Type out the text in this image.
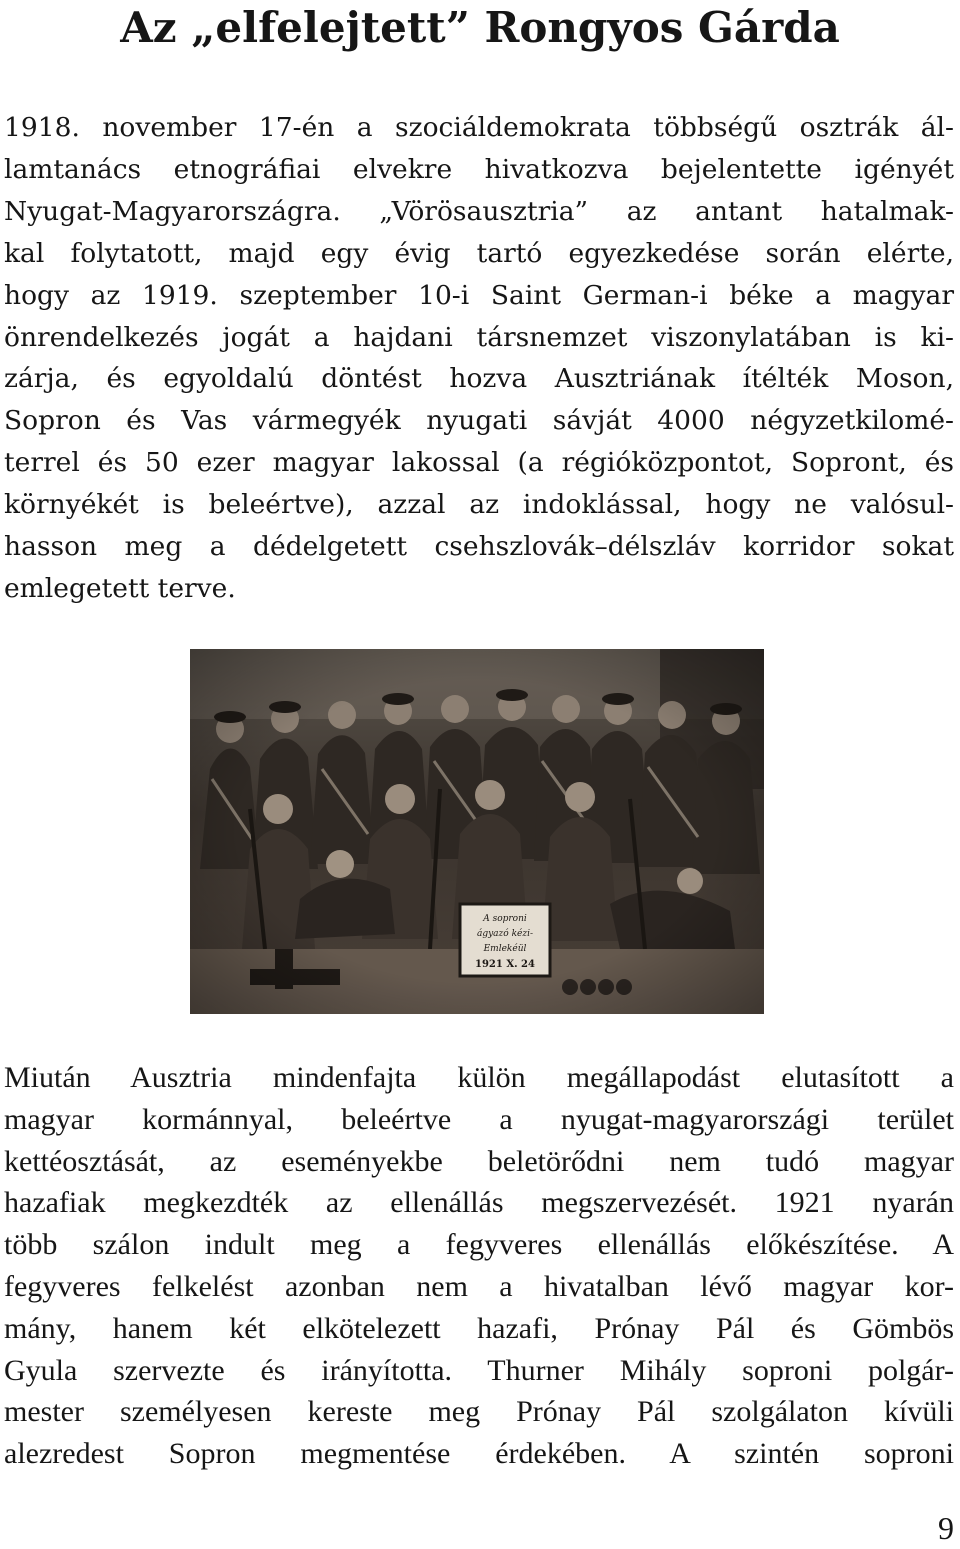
Az „elfelejtett” Rongyos Gárda

1918. november 17-én a szociáldemokrata többségű osztrák ál-
lamtanács etnográfiai elvekre hivatkozva bejelentette igényét
Nyugat-Magyarországra. „Vörösausztria” az antant hatalmak-
kal folytatott, majd egy évig tartó egyezkedése során elérte,
hogy az 1919. szeptember 10-i Saint German-i béke a magyar
önrendelkezés jogát a hajdani társnemzet viszonylatában is ki-
zárja, és egyoldalú döntést hozva Ausztriának ítélték Moson,
Sopron és Vas vármegyék nyugati sávját 4000 négyzetkilomé-
terrel és 50 ezer magyar lakossal (a régióközpontot, Sopront, és
környékét is beleértve), azzal az indoklással, hogy ne valósul-
hasson meg a dédelgetett csehszlovák–délszláv korridor sokat
emlegetett terve.

Miután Ausztria mindenfajta külön megállapodást elutasított a
magyar kormánnyal, beleértve a nyugat-magyarországi terület
kettéosztását, az eseményekbe beletörődni nem tudó magyar
hazafiak megkezdték az ellenállás megszervezését. 1921 nyarán
több szálon indult meg a fegyveres ellenállás előkészítése. A
fegyveres felkelést azonban nem a hivatalban lévő magyar kor-
mány, hanem két elkötelezett hazafi, Prónay Pál és Gömbös
Gyula szervezte és irányította. Thurner Mihály soproni polgár-
mester személyesen kereste meg Prónay Pál szolgálaton kívüli
alezredest Sopron megmentése érdekében. A szintén soproni

9
